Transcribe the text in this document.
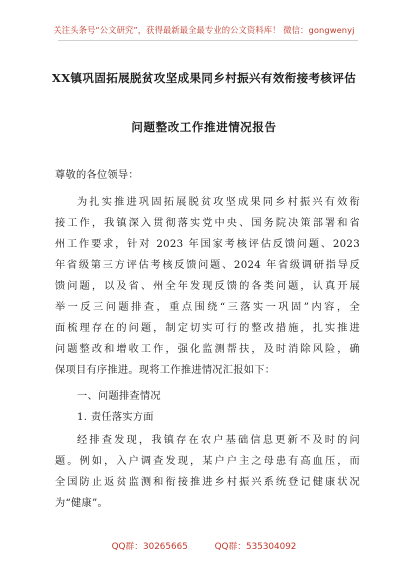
关注头条号“公文研究”，获得最新最全最专业的公文资料库！ 微信：gongwenyj
XX镇巩固拓展脱贫攻坚成果同乡村振兴有效衔接考核评估
问题整改工作推进情况报告
尊敬的各位领导：
为扎实推进巩固拓展脱贫攻坚成果同乡村振兴有效衔
接工作，我镇深入贯彻落实党中央、国务院决策部署和省
州工作要求，针对 2023 年国家考核评估反馈问题、2023
年省级第三方评估考核反馈问题、2024 年省级调研指导反
馈问题，以及省、州全年发现反馈的各类问题，认真开展
举一反三问题排查，重点围绕“三落实一巩固”内容，全
面梳理存在的问题，制定切实可行的整改措施，扎实推进
问题整改和增收工作，强化监测帮扶，及时消除风险，确
保项目有序推进。现将工作推进情况汇报如下：
一、问题排查情况
1. 责任落实方面
经排查发现，我镇存在农户基础信息更新不及时的问
题。例如，入户调查发现，某户户主之母患有高血压，而
全国防止返贫监测和衔接推进乡村振兴系统登记健康状况
为“健康”。
QQ群：30265665	QQ群：535304092
